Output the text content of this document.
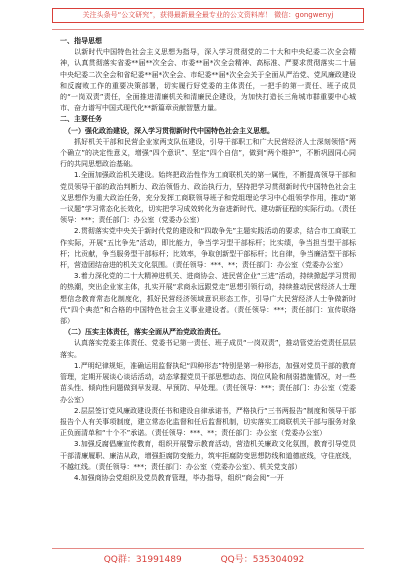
关注头条号“公文研究”，获得最新最全最专业的公文资料库！ 微信：gongwenyj

一、指导思想

以新时代中国特色社会主义思想为指导，深入学习贯彻党的二十大和中央纪委二次全会精神，认真贯彻落实省委**届**次全会、市委**届*次全会精神、高标准、严要求贯彻落实二十届中央纪委二次全会和省纪委**届*次全会、市纪委**届*次全会关于全面从严治党、党风廉政建设和反腐败工作的重要决策部署，切实履行好党委的主体责任，一把手的第一责任、班子成员的“一岗双责”责任，全面推进清廉机关和清廉民企建设，为加快打造长三角城市群重要中心城市、奋力谱写中国式现代化**新篇章贡献智慧力量。

二、主要任务

（一）强化政治建设，深入学习贯彻新时代中国特色社会主义思想。

抓好机关干部和民营企业家两支队伍建设，引导干部职工和广大民营经济人士深刻领悟“两个确立”的决定性意义，增强“四个意识”、坚定“四个自信”，做到“两个维护”，不断巩固同心同行的共同思想政治基础。

1.全面加强政治机关建设。始终把政治性作为工商联机关的第一属性，不断提高领导干部和党员领导干部的政治判断力、政治领悟力、政治执行力，坚持把学习贯彻新时代中国特色社会主义思想作为重大政治任务，充分发挥工商联领导班子和党组理论学习中心组领学作用，推动“第一议题”学习常态化长效化，切实把学习成效转化为奋进新时代、建功新征程的实际行动。（责任领导：***；责任部门：办公室（党委办公室）

2.贯彻落实党中央关于新时代党的建设和“四敢争先”主题实践活动的要求，结合市工商联工作实际，开展“五比争先”活动，即比能力，争当学习型干部标杆；比实绩，争当担当型干部标杆；比贡献，争当服务型干部标杆；比效率，争取创新型干部标杆；比自律，争当廉洁型干部标杆，营造团结奋进的机关文化氛围。（责任领导：***、**；责任部门：办公室（党委办公室）

3.着力深化党的二十大精神进机关、进商协会、进民营企业“三进”活动，持续掀起学习贯彻的热潮，突出企业家主体，扎实开展“求商永远跟党走”思想引领行动，持续推动民营经济人士理想信念教育常态化制度化，抓好民营经济领域意识形态工作，引导广大民营经济人士争做新时代“四个典范”和合格的中国特色社会主义事业建设者。（责任领导：***；责任部门：宣传联络部）

（二）压实主体责任，落实全面从严治党政治责任。

认真落实党委主体责任、党委书记第一责任、班子成员“一岗双责”，推动管党治党责任层层落实。

1.严明纪律规矩，准确运用监督执纪“四种形态”特别是第一种形态，加强对党员干部的教育管理，定期开展谈心谈话活动，动态掌握党员干部思想动态、岗位风险和削弱措施情况，对一些苗头性、倾向性问题做到早发现、早预防、早处理。（责任领导：***；责任部门：办公室（党委办公室）

2.层层签订党风廉政建设责任书和建设自律承诺书，严格执行“三书两报告”制度和领导干部报告个人有关事项制度，建立常态化监督和任后监督机制，切实落实工商联机关干部与服务对象正负面清单和“十个不”承诺。（责任领导：***、**；责任部门：办公室（党委办公室）

3.加强反腐倡廉宣传教育，组织开展警示教育活动，营造机关廉政文化氛围，教育引导党员干部清廉履职、廉洁从政，增强拒腐防变能力，筑牢拒腐防变思想防线和道德底线，守住底线，不越红线。（责任领导：***；责任部门：办公室（党委办公室）、机关党支部）

4.加强商协会党组织及党员教育管理，毕办指导，组织“商会阅”一开

QQ群：31991489	QQ号：535304092
